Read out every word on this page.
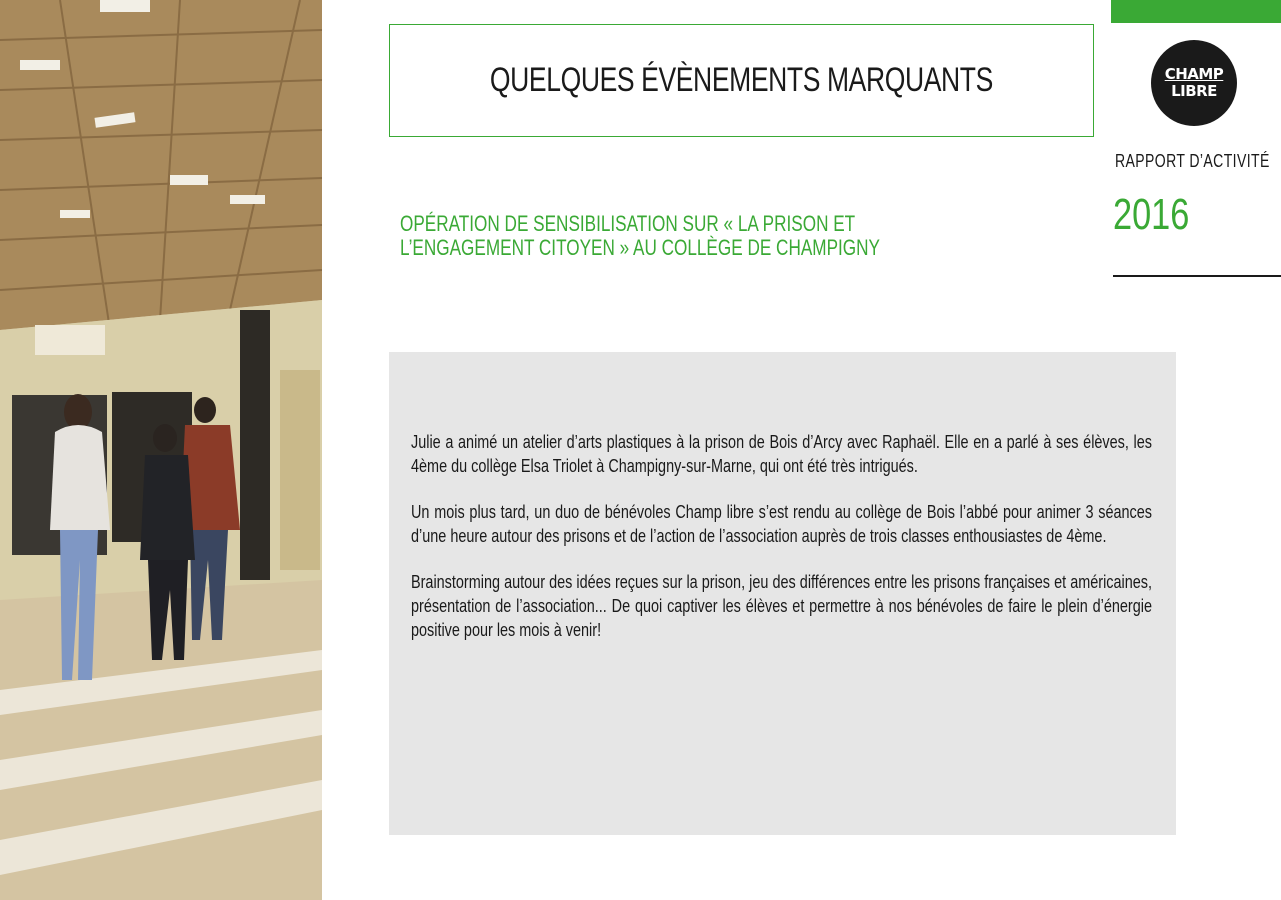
QUELQUES ÉVÈNEMENTS MARQUANTS	CHAMP
LIBRE
RAPPORT D’ACTIVITÉ
2016
OPÉRATION DE SENSIBILISATION SUR « LA PRISON ET L’ENGAGEMENT CITOYEN » AU COLLÈGE DE CHAMPIGNY

Julie a animé un atelier d’arts plastiques à la prison de Bois d’Arcy avec Raphaël. Elle en a parlé à ses élèves, les 4ème du collège Elsa Triolet à Champigny-sur-Marne, qui ont été très intrigués.

Un mois plus tard, un duo de bénévoles Champ libre s’est rendu au collège de Bois l’abbé pour animer 3 séances d’une heure autour des prisons et de l’action de l’association auprès de trois classes enthousiastes de 4ème.

Brainstorming autour des idées reçues sur la prison, jeu des différences entre les prisons françaises et américaines, présentation de l’association... De quoi captiver les élèves et permettre à nos bénévoles de faire le plein d’énergie positive pour les mois à venir!
